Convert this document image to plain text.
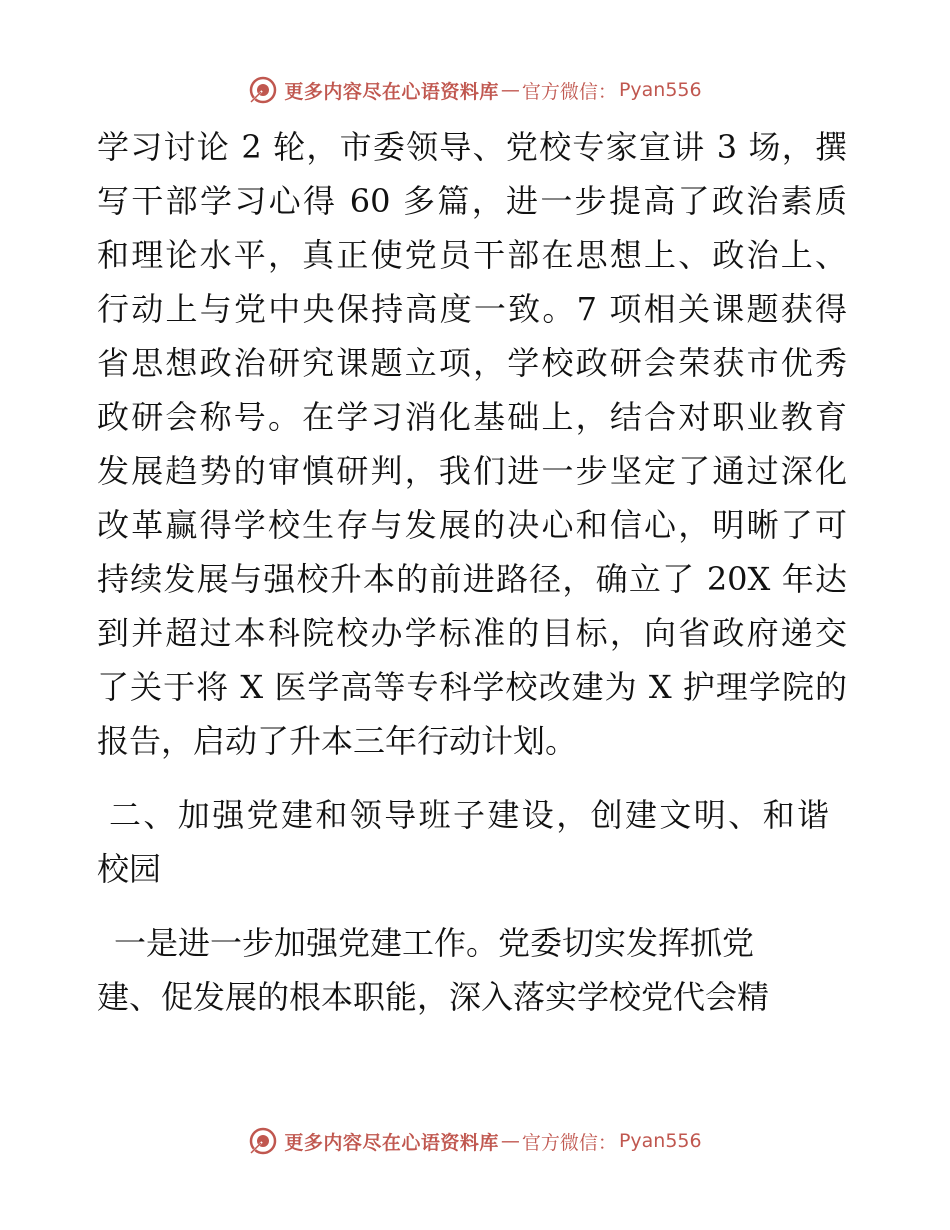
更多内容尽在心语资料库 — 官方微信： Pyan556
学习讨论 2 轮，市委领导、党校专家宣讲 3 场，撰
写干部学习心得 60 多篇，进一步提高了政治素质
和理论水平，真正使党员干部在思想上、政治上、
行动上与党中央保持高度一致。7 项相关课题获得
省思想政治研究课题立项，学校政研会荣获市优秀
政研会称号。在学习消化基础上，结合对职业教育
发展趋势的审慎研判，我们进一步坚定了通过深化
改革赢得学校生存与发展的决心和信心，明晰了可
持续发展与强校升本的前进路径，确立了 20X 年达
到并超过本科院校办学标准的目标，向省政府递交
了关于将 X 医学高等专科学校改建为 X 护理学院的
报告，启动了升本三年行动计划。
二、加强党建和领导班子建设，创建文明、和谐
校园
一是进一步加强党建工作。党委切实发挥抓党
建、促发展的根本职能，深入落实学校党代会精
更多内容尽在心语资料库 — 官方微信： Pyan556
